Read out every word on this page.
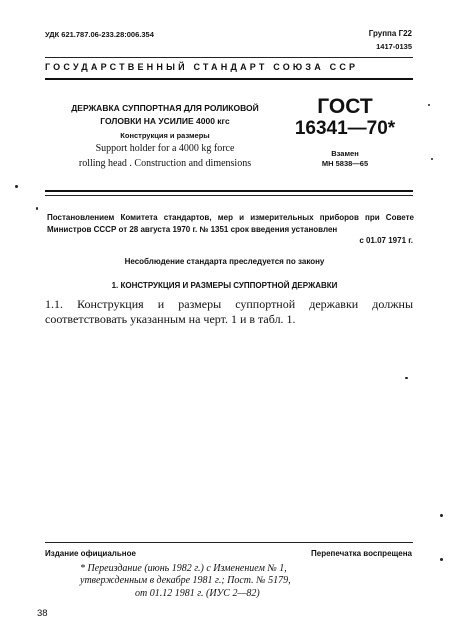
УДК 621.787.06-233.28:006.354	Группа Г22
1417-0135
ГОСУДАРСТВЕННЫЙ СТАНДАРТ СОЮЗА ССР
ДЕРЖАВКА СУППОРТНАЯ ДЛЯ РОЛИКОВОЙ
ГОЛОВКИ НА УСИЛИЕ 4000 кгс
Конструкция и размеры
Support holder for a 4000 kg force
rolling head . Construction and dimensions
ГОСТ
16341—70*
Взамен
МН 5838—65
Постановлением Комитета стандартов, мер и измерительных приборов при Совете Министров СССР от 28 августа 1970 г. № 1351 срок введения установлен
с 01.07 1971 г.
Несоблюдение стандарта преследуется по закону
1. КОНСТРУКЦИЯ И РАЗМЕРЫ СУППОРТНОЙ ДЕРЖАВКИ
1.1. Конструкция и размеры суппортной державки должны соответствовать указанным на черт. 1 и в табл. 1.
Издание официальное	Перепечатка воспрещена
* Переиздание (июнь 1982 г.) с Изменением № 1,
утвержденным в декабре 1981 г.; Пост. № 5179,
от 01.12 1981 г. (ИУС 2—82)
38
